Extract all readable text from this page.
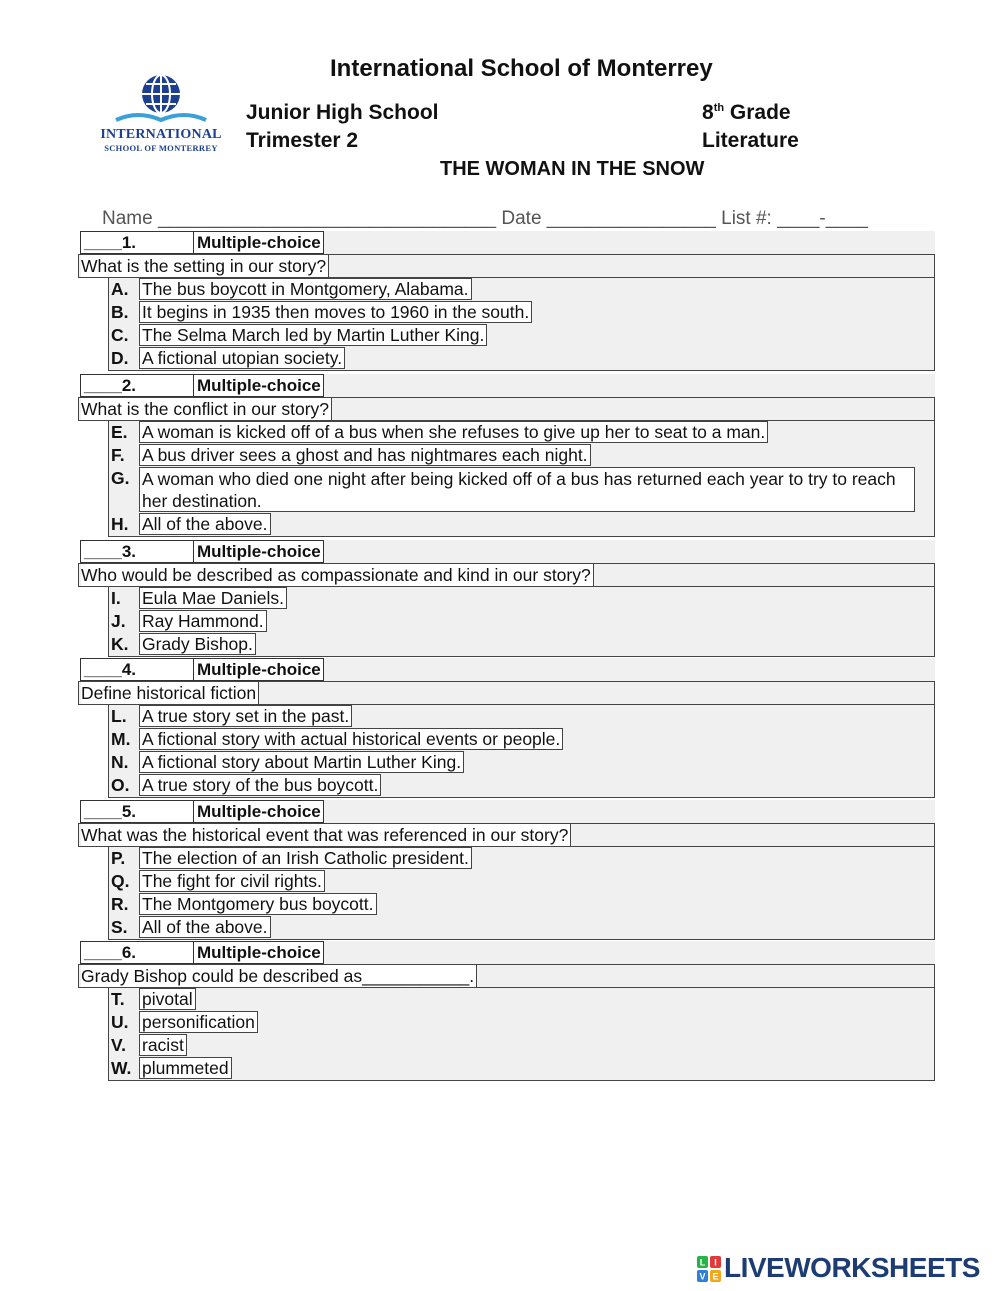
International School of Monterrey
INTERNATIONAL
SCHOOL OF MONTERREY
Junior High School
Trimester 2
8th Grade
Literature
THE WOMAN IN THE SNOW
Name ________________________________ Date ________________ List #: ____-____
____1.	Multiple-choice
What is the setting in our story?
A. The bus boycott in Montgomery, Alabama.
B. It begins in 1935 then moves to 1960 in the south.
C. The Selma March led by Martin Luther King.
D. A fictional utopian society.
____2.	Multiple-choice
What is the conflict in our story?
E. A woman is kicked off of a bus when she refuses to give up her to seat to a man.
F. A bus driver sees a ghost and has nightmares each night.
G. A woman who died one night after being kicked off of a bus has returned each year to try to reach her destination.
H. All of the above.
____3.	Multiple-choice
Who would be described as compassionate and kind in our story?
I. Eula Mae Daniels.
J. Ray Hammond.
K. Grady Bishop.
____4.	Multiple-choice
Define historical fiction
L. A true story set in the past.
M. A fictional story with actual historical events or people.
N. A fictional story about Martin Luther King.
O. A true story of the bus boycott.
____5.	Multiple-choice
What was the historical event that was referenced in our story?
P. The election of an Irish Catholic president.
Q. The fight for civil rights.
R. The Montgomery bus boycott.
S. All of the above.
____6.	Multiple-choice
Grady Bishop could be described as___________.
T. pivotal
U. personification
V. racist
W. plummeted
L I
V E LIVEWORKSHEETS
